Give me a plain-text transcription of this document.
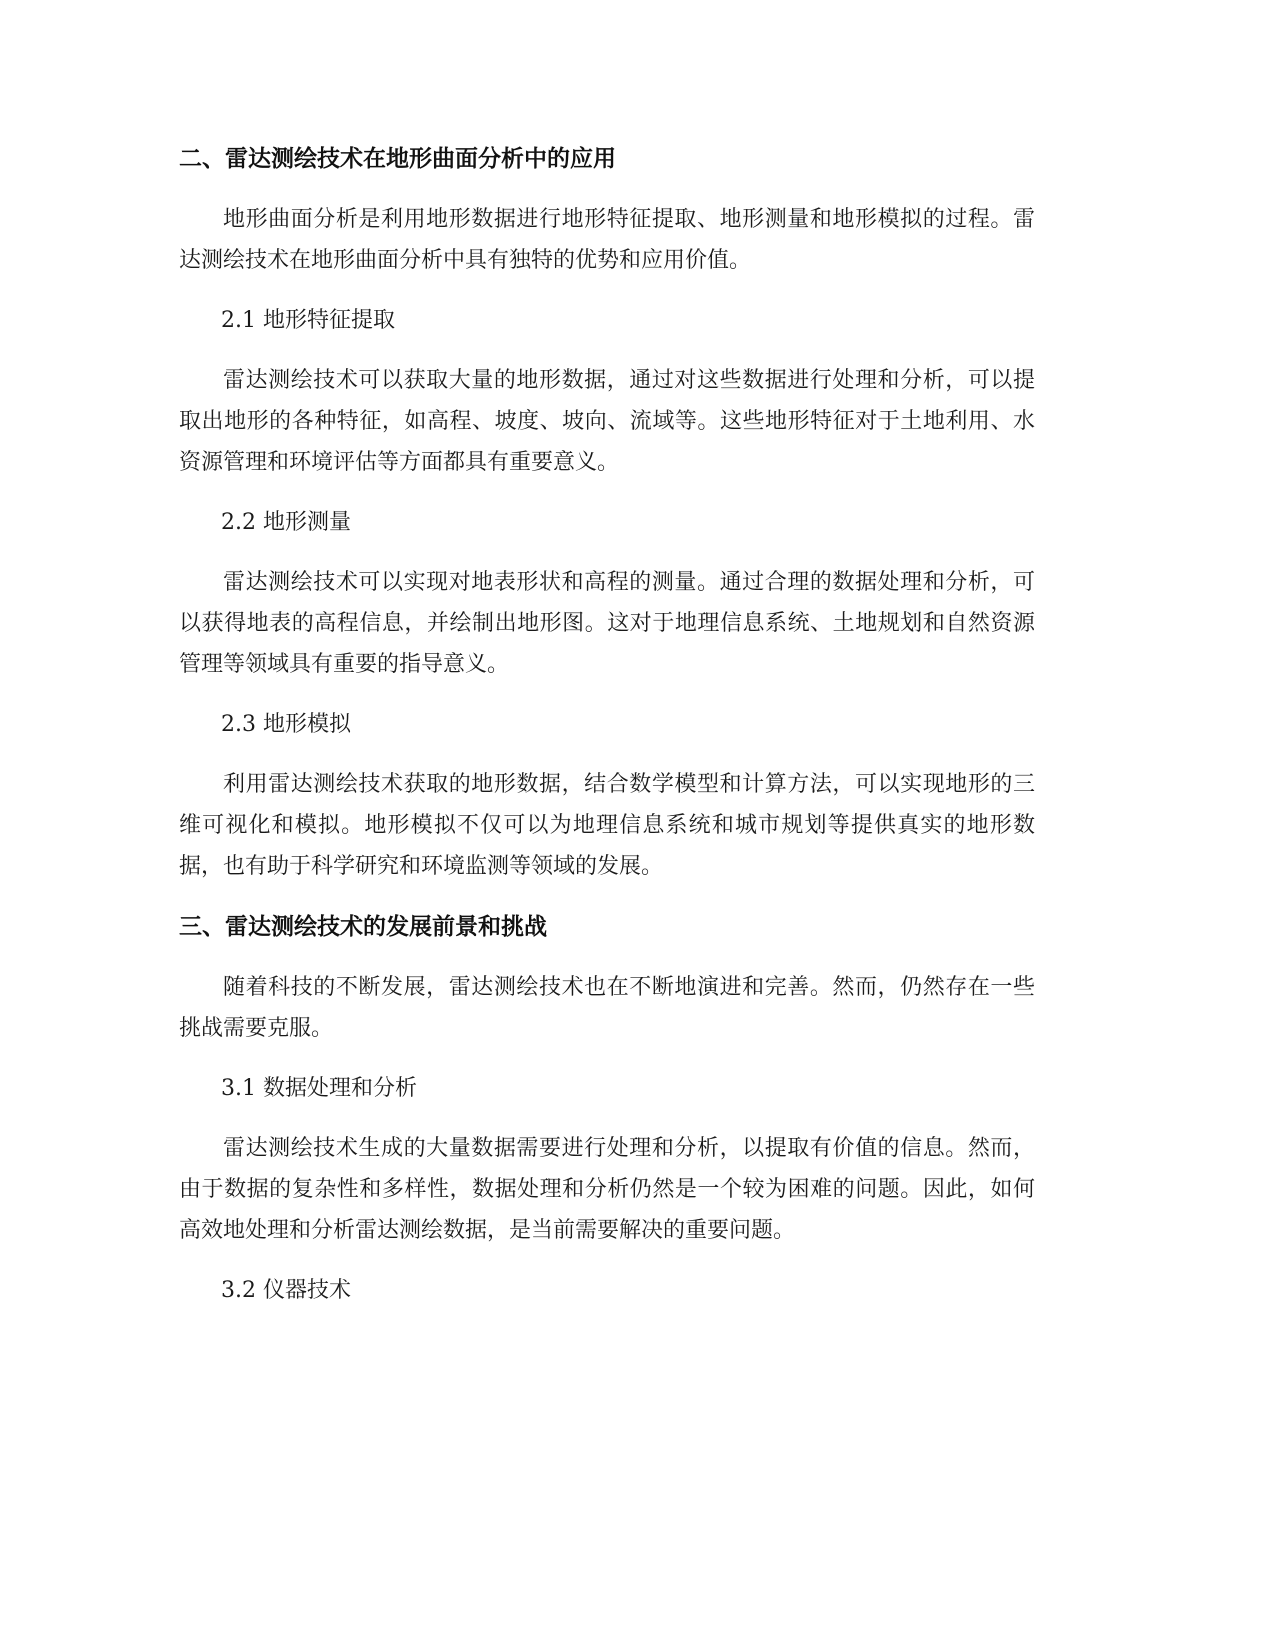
二、雷达测绘技术在地形曲面分析中的应用

地形曲面分析是利用地形数据进行地形特征提取、地形测量和地形模拟的过程。雷达测绘技术在地形曲面分析中具有独特的优势和应用价值。

2.1 地形特征提取

雷达测绘技术可以获取大量的地形数据，通过对这些数据进行处理和分析，可以提取出地形的各种特征，如高程、坡度、坡向、流域等。这些地形特征对于土地利用、水资源管理和环境评估等方面都具有重要意义。

2.2 地形测量

雷达测绘技术可以实现对地表形状和高程的测量。通过合理的数据处理和分析，可以获得地表的高程信息，并绘制出地形图。这对于地理信息系统、土地规划和自然资源管理等领域具有重要的指导意义。

2.3 地形模拟

利用雷达测绘技术获取的地形数据，结合数学模型和计算方法，可以实现地形的三维可视化和模拟。地形模拟不仅可以为地理信息系统和城市规划等提供真实的地形数据，也有助于科学研究和环境监测等领域的发展。

三、雷达测绘技术的发展前景和挑战

随着科技的不断发展，雷达测绘技术也在不断地演进和完善。然而，仍然存在一些挑战需要克服。

3.1 数据处理和分析

雷达测绘技术生成的大量数据需要进行处理和分析，以提取有价值的信息。然而，由于数据的复杂性和多样性，数据处理和分析仍然是一个较为困难的问题。因此，如何高效地处理和分析雷达测绘数据，是当前需要解决的重要问题。

3.2 仪器技术
